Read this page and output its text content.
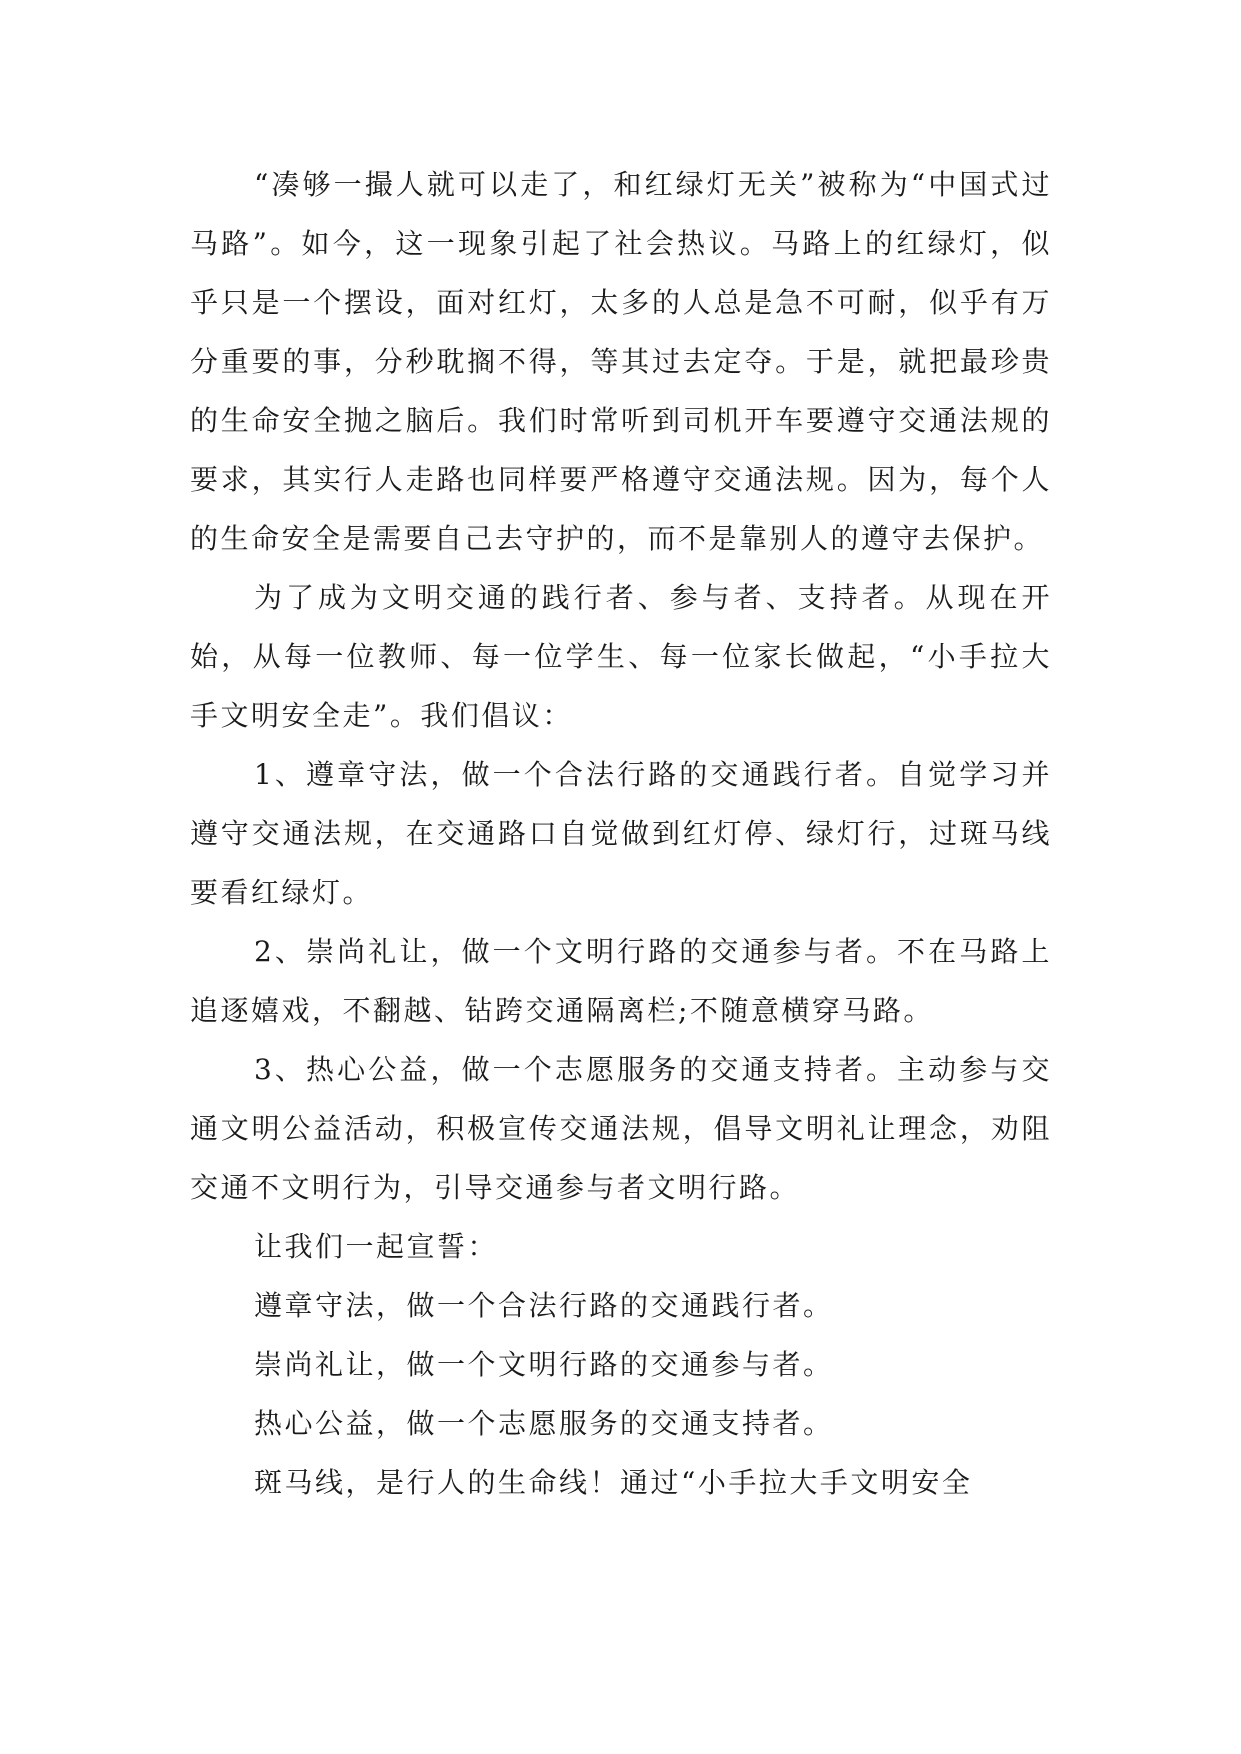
“凑够一撮人就可以走了，和红绿灯无关”被称为“中国式过马路”。如今，这一现象引起了社会热议。马路上的红绿灯，似乎只是一个摆设，面对红灯，太多的人总是急不可耐，似乎有万分重要的事，分秒耽搁不得，等其过去定夺。于是，就把最珍贵的生命安全抛之脑后。我们时常听到司机开车要遵守交通法规的要求，其实行人走路也同样要严格遵守交通法规。因为，每个人的生命安全是需要自己去守护的，而不是靠别人的遵守去保护。

为了成为文明交通的践行者、参与者、支持者。从现在开始，从每一位教师、每一位学生、每一位家长做起，“小手拉大手文明安全走”。我们倡议：

1、遵章守法，做一个合法行路的交通践行者。自觉学习并遵守交通法规，在交通路口自觉做到红灯停、绿灯行，过斑马线要看红绿灯。

2、崇尚礼让，做一个文明行路的交通参与者。不在马路上追逐嬉戏，不翻越、钻跨交通隔离栏;不随意横穿马路。

3、热心公益，做一个志愿服务的交通支持者。主动参与交通文明公益活动，积极宣传交通法规，倡导文明礼让理念，劝阻交通不文明行为，引导交通参与者文明行路。

让我们一起宣誓：

遵章守法，做一个合法行路的交通践行者。

崇尚礼让，做一个文明行路的交通参与者。

热心公益，做一个志愿服务的交通支持者。

斑马线，是行人的生命线！通过“小手拉大手文明安全
